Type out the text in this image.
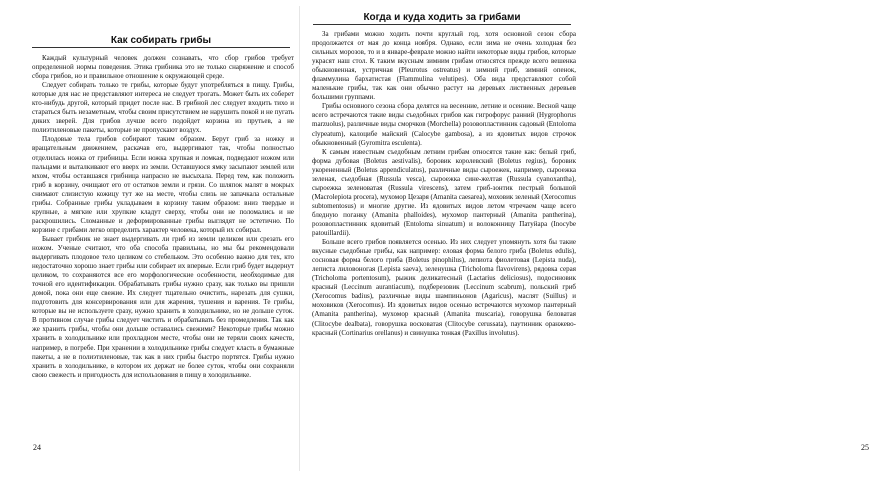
Как собирать грибы

Каждый культурный человек должен сознавать, что сбор грибов требует определенной нормы поведения. Этика грибника это не только снаряжение и способ сбора грибов, но и правильное отношение к окружающей среде.

Следует собирать только те грибы, которые будут употребляться в пищу. Грибы, которые для нас не представляют интереса не следует трогать. Может быть их соберет кто-нибудь другой, который придет после нас. В грибной лес следует входить тихо и стараться быть незаметным, чтобы своим присутствием не нарушить покой и не пугать диких зверей. Для грибов лучше всего подойдет корзина из прутьев, а не полиэтиленовые пакеты, которые не пропускают воздух.

Плодовые тела грибов собирают таким образом. Берут гриб за ножку и вращательным движением, раскачав его, выдергивают так, чтобы полностью отделилась ножка от грибницы. Если ножка хрупкая и ломкая, подведают ножом или пальцами и выталкивают его вверх из земли. Оставшуюся ямку засыпают землей или мхом, чтобы оставшаяся грибница напрасно не высыхала. Перед тем, как положить гриб в корзину, очищают его от остатков земли и грязи. Со шляпок малят в мокрых снимают слизистую кожицу тут же на месте, чтобы слизь не запачкала остальные грибы. Собранные грибы укладываем в корзину таким образом: вниз твердые и крупные, а мягкие или хрупкие кладут сверху, чтобы они не поломались и не раскрошились. Сломанные и деформированные грибы выглядят не эстетично. По корзине с грибами легко определить характер человека, который их собирал.

Бывает грибник не знает выдергивать ли гриб из земли целиком или срезать его ножом. Ученые считают, что оба способа правильны, но мы бы рекомендовали выдергивать плодовое тело целиком со стебельком. Это особенно важно для тех, кто недостаточно хорошо знает грибы или собирает их впервые. Если гриб будет выдернут целиком, то сохраняются все его морфологические особенности, необходимые для точной его идентификации. Обрабатывать грибы нужно сразу, как только вы пришли домой, пока они еще свежие. Их следует тщательно очистить, нарезать для сушки, подготовить для консервирования или для жарения, тушения и варения. Те грибы, которые вы не используете сразу, нужно хранить в холодильнике, но не дольше суток. В противном случае грибы следует чистить и обрабатывать без промедления. Так как же хранить грибы, чтобы они дольше оставались свежими? Некоторые грибы можно хранить в холодильнике или прохладном месте, чтобы они не теряли своих качеств, например, в погребе. При хранении в холодильнике грибы следует класть в бумажные пакеты, а не в полиэтиленовые, так как в них грибы быстро портятся. Грибы нужно хранить в холодильнике, в котором их держат не более суток, чтобы они сохраняли свою свежесть и пригодность для использования в пищу в холодильнике.

24
Когда и куда ходить за грибами

За грибами можно ходить почти круглый год, хотя основной сезон сбора продолжается от мая до конца ноября. Однако, если зима не очень холодная без сильных морозов, то и в январе-феврале можно найти некоторые виды грибов, которые украсят наш стол. К таким вкусным зимним грибам относятся прежде всего вешенка обыкновенная, устричная (Pleurotus ostreatus) и зимний гриб, зимний опенок, фламмулина бархатистая (Flammulina velutipes). Оба вида представляют собой маленькие грибы, так как они обычно растут на деревьях лиственных деревьев большими группами.

Грибы основного сезона сбора делятся на весенние, летние и осенние. Весной чаще всего встречаются такие виды съедобных грибов как гигрофорус ранний (Hygrophorus marzuolus), различные виды сморчков (Morchella) розовопластинник садовый (Entoloma clypeatum), калоцибе майский (Calocybe gambosa), а из ядовитых видов строчок обыкновенный (Gyromitra esculenta).

К самым известным съедобным летним грибам относятся такие как: белый гриб, форма дубовая (Boletus aestivalis), боровик королевский (Boletus regius), боровик укорененный (Boletus appendiculatus), различные виды сыроежек, например, сыроежка зеленая, съедобная (Russula vesca), сыроежка сине-желтая (Russula cyanoxantha), сыроежка зеленоватая (Russula virescens), затем гриб-зонтик пестрый большой (Macrolepiota procera), мухомор Цезаря (Amanita caesarea), моховик зеленый (Xerocomus subtomentosus) и многие другие. Из ядовитых видов летом чтречаем чаще всего бледную поганку (Amanita phalloides), мухомор пантерный (Amanita pantherina), розовопластинник ядовитый (Entoloma sinuatum) и волоконницу Патуйара (Inocybe patouillardii).

Больше всего грибов появляется осенью. Из них следует упомянуть хотя бы такие вкусные съедобные грибы, как например: еловая форма белого гриба (Boletus edulis), сосновая форма белого гриба (Boletus pinophilus), лепиота фиолетовая (Lepista nuda), леписта лиловоногая (Lepista saeva), зеленушка (Tricholoma flavovirens), рядовка серая (Tricholoma portentosum), рыжик деликатесный (Lactarius deliciosus), подосиновик красный (Leccinum aurantiacum), подберезовик (Leccinum scabrum), польский гриб (Xerocomus badius), различные виды шампиньонов (Agaricus), маслят (Suillus) и моховиков (Xerocomus). Из ядовитых видов осенью встречаются мухомор пантерный (Amanita pantherina), мухомор красный (Amanita muscaria), говорушка беловатая (Clitocybe dealbata), говорушка восковатая (Clitocybe cerussata), паутинник оранжево-красный (Cortinarius orellanus) и свинушка тонкая (Paxillus involutus).

25
